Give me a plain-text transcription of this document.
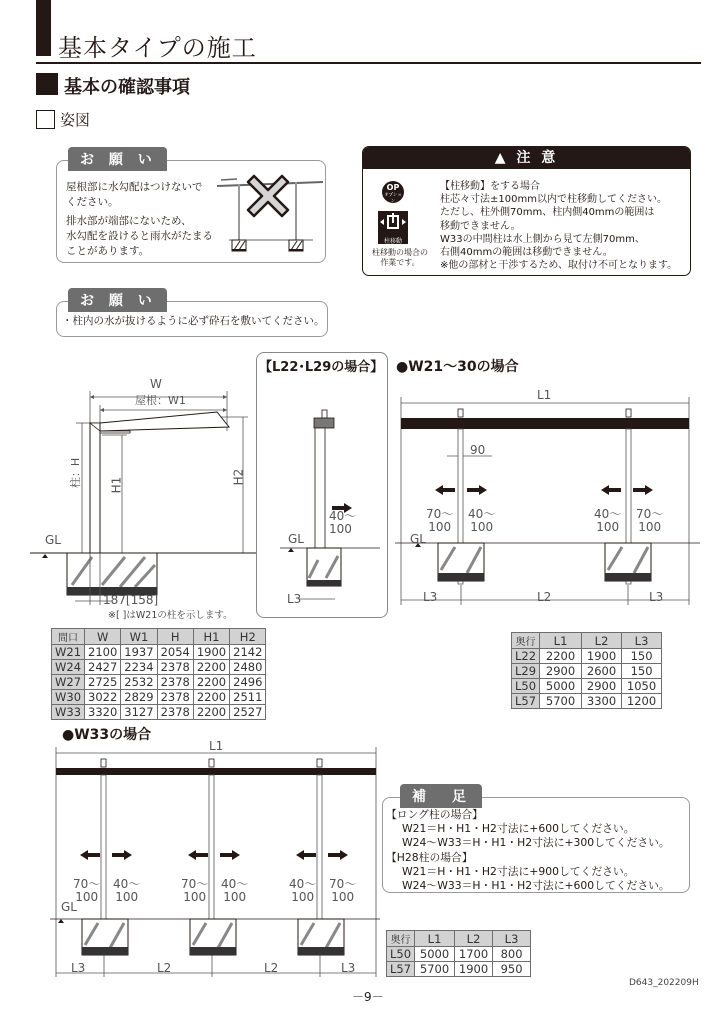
基本タイプの施工
基本の確認事項
姿図
お 願 い
屋根部に水勾配はつけないで
ください。
排水部が端部にないため、
水勾配を設けると雨水がたまる
ことがあります。
▲ 注 意
OP
オプション
柱移動
柱移動の場合の
作業です。
【柱移動】をする場合
柱芯々寸法±100mm以内で柱移動してください。
ただし、柱外側70mm、柱内側40mmの範囲は
移動できません。
W33の中間柱は水上側から見て左側70mm、
右側40mmの範囲は移動できません。
※他の部材と干渉するため、取付け不可となります。
お 願 い
・柱内の水が抜けるように必ず砕石を敷いてください。
W
屋根：W1
柱：H H1	H2
GL
187[158]
※[ ]はW21の柱を示します。
【L22･L29の場合】
40〜
100
GL
L3
●W21〜30の場合
L1
90
70〜
100
40〜
100
40〜
100
70〜
100
GL
L3	L2	L3
間口	W	W1	H	H1	H2
W21	2100	1937	2054	1900	2142
W24	2427	2234	2378	2200	2480
W27	2725	2532	2378	2200	2496
W30	3022	2829	2378	2200	2511
W33	3320	3127	2378	2200	2527
奥行	L1	L2	L3
L22	2200	1900	150
L29	2900	2600	150
L50	5000	2900	1050
L57	5700	3300	1200
●W33の場合
L1
70〜
100
40〜
100
70〜
100
40〜
100
40〜
100
70〜
100
GL
L3	L2	L2	L3
補　足
【ロング柱の場合】
W21＝H・H1・H2寸法に+600してください。
W24〜W33＝H・H1・H2寸法に+300してください。
【H28柱の場合】
W21＝H・H1・H2寸法に+900してください。
W24〜W33＝H・H1・H2寸法に+600してください。
奥行	L1	L2	L3
L50	5000	1700	800
L57	5700	1900	950
－9－
D643_202209H
